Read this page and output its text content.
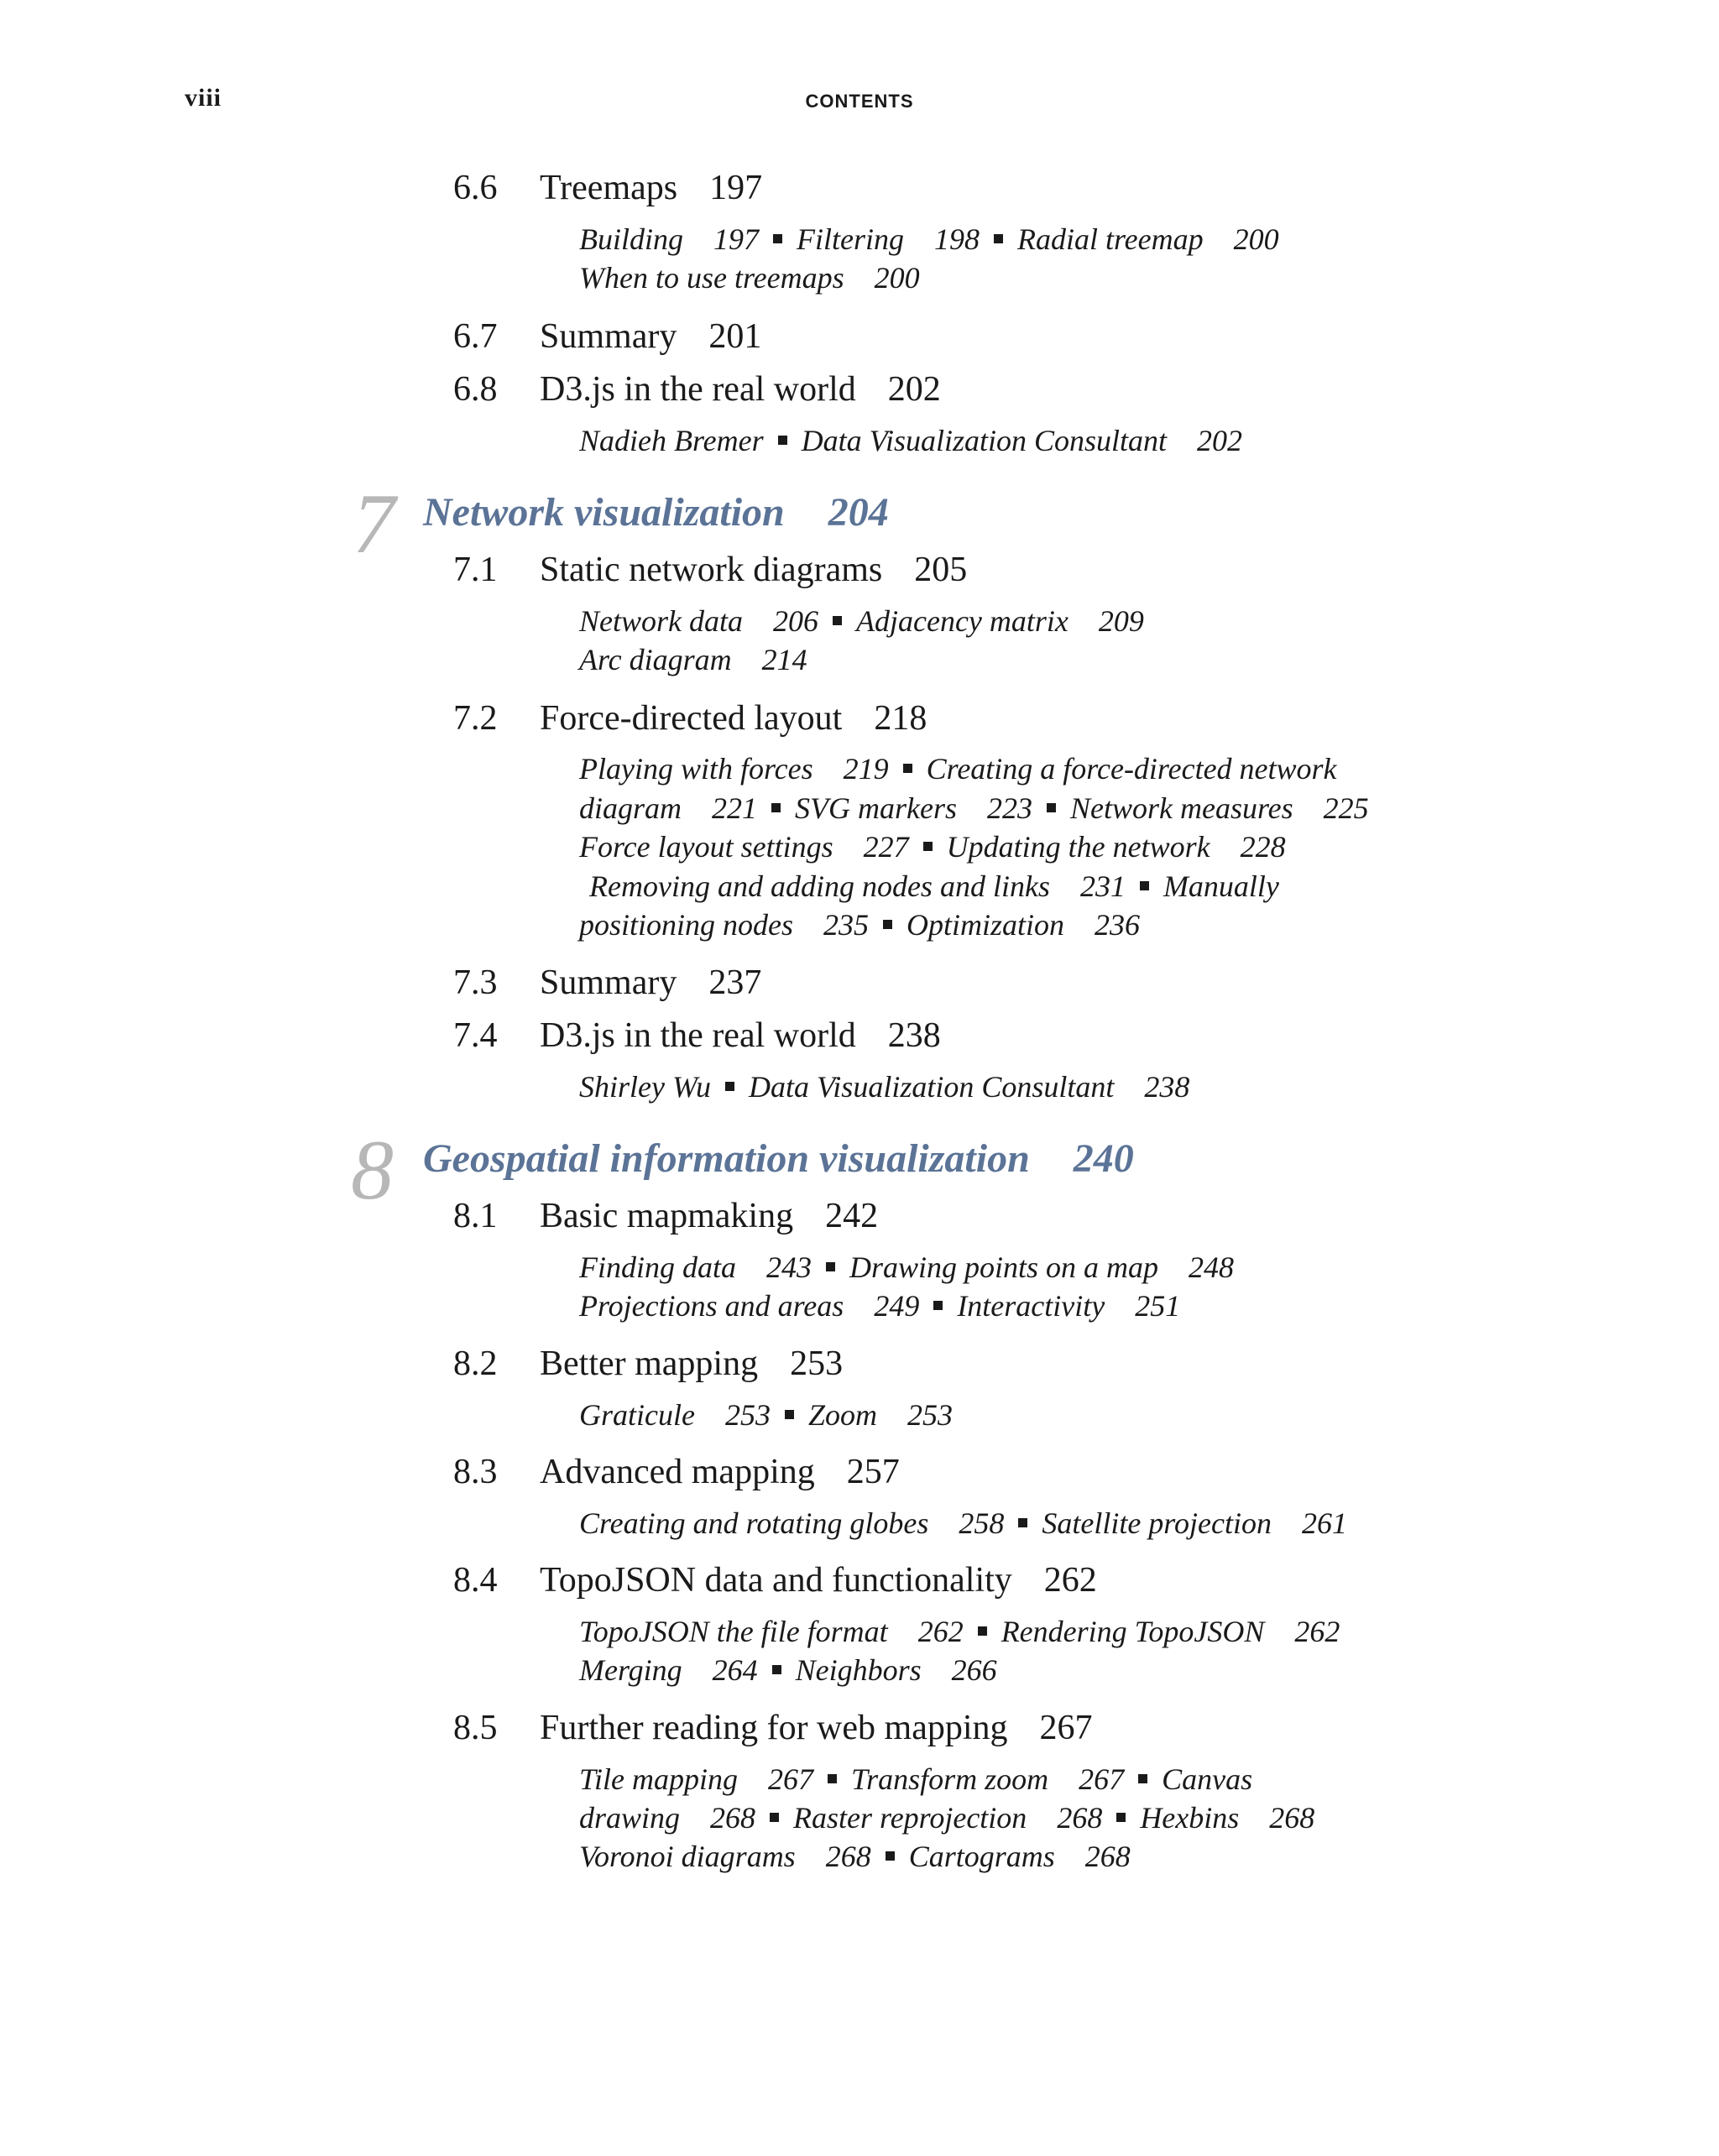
viii	CONTENTS
6.6 Treemaps 197
Building 197 Filtering 198 Radial treemap 200
When to use treemaps 200
6.7 Summary 201
6.8 D3.js in the real world 202
Nadieh Bremer Data Visualization Consultant 202
7 Network visualization 204
7.1 Static network diagrams 205
Network data 206 Adjacency matrix 209
Arc diagram 214
7.2 Force-directed layout 218
Playing with forces 219 Creating a force-directed network
diagram 221 SVG markers 223 Network measures 225
Force layout settings 227 Updating the network 228
Removing and adding nodes and links 231 Manually
positioning nodes 235 Optimization 236
7.3 Summary 237
7.4 D3.js in the real world 238
Shirley Wu Data Visualization Consultant 238
8 Geospatial information visualization 240
8.1 Basic mapmaking 242
Finding data 243 Drawing points on a map 248
Projections and areas 249 Interactivity 251
8.2 Better mapping 253
Graticule 253 Zoom 253
8.3 Advanced mapping 257
Creating and rotating globes 258 Satellite projection 261
8.4 TopoJSON data and functionality 262
TopoJSON the file format 262 Rendering TopoJSON 262
Merging 264 Neighbors 266
8.5 Further reading for web mapping 267
Tile mapping 267 Transform zoom 267 Canvas
drawing 268 Raster reprojection 268 Hexbins 268
Voronoi diagrams 268 Cartograms 268
